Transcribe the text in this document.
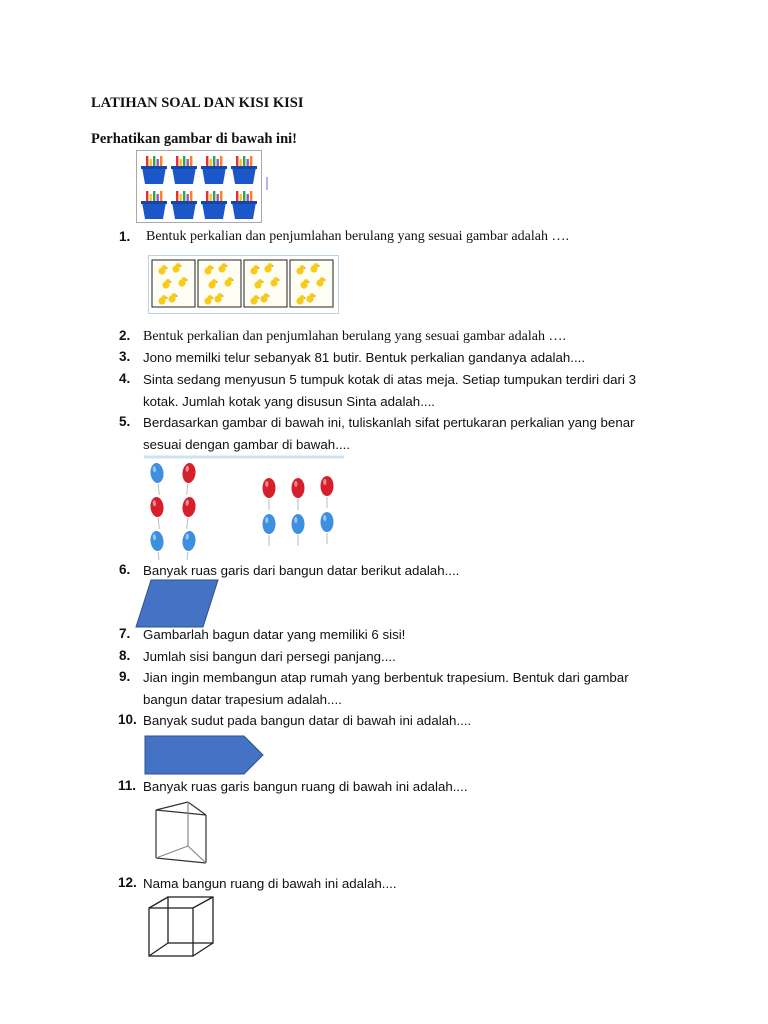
LATIHAN SOAL DAN KISI KISI
Perhatikan gambar di bawah ini!
1.	Bentuk perkalian dan penjumlahan berulang yang sesuai gambar adalah ….
2. Bentuk perkalian dan penjumlahan berulang yang sesuai gambar adalah ….
3. Jono memilki telur sebanyak 81 butir. Bentuk perkalian gandanya adalah....
4. Sinta sedang menyusun 5 tumpuk kotak di atas meja. Setiap tumpukan terdiri dari 3
kotak. Jumlah kotak yang disusun Sinta adalah....
5. Berdasarkan gambar di bawah ini, tuliskanlah sifat pertukaran perkalian yang benar
sesuai dengan gambar di bawah....
6. Banyak ruas garis dari bangun datar berikut adalah....
7. Gambarlah bagun datar yang memiliki 6 sisi!
8. Jumlah sisi bangun dari persegi panjang....
9. Jian ingin membangun atap rumah yang berbentuk trapesium. Bentuk dari gambar
bangun datar trapesium adalah....
10. Banyak sudut pada bangun datar di bawah ini adalah....
11. Banyak ruas garis bangun ruang di bawah ini adalah....
12. Nama bangun ruang di bawah ini adalah....
